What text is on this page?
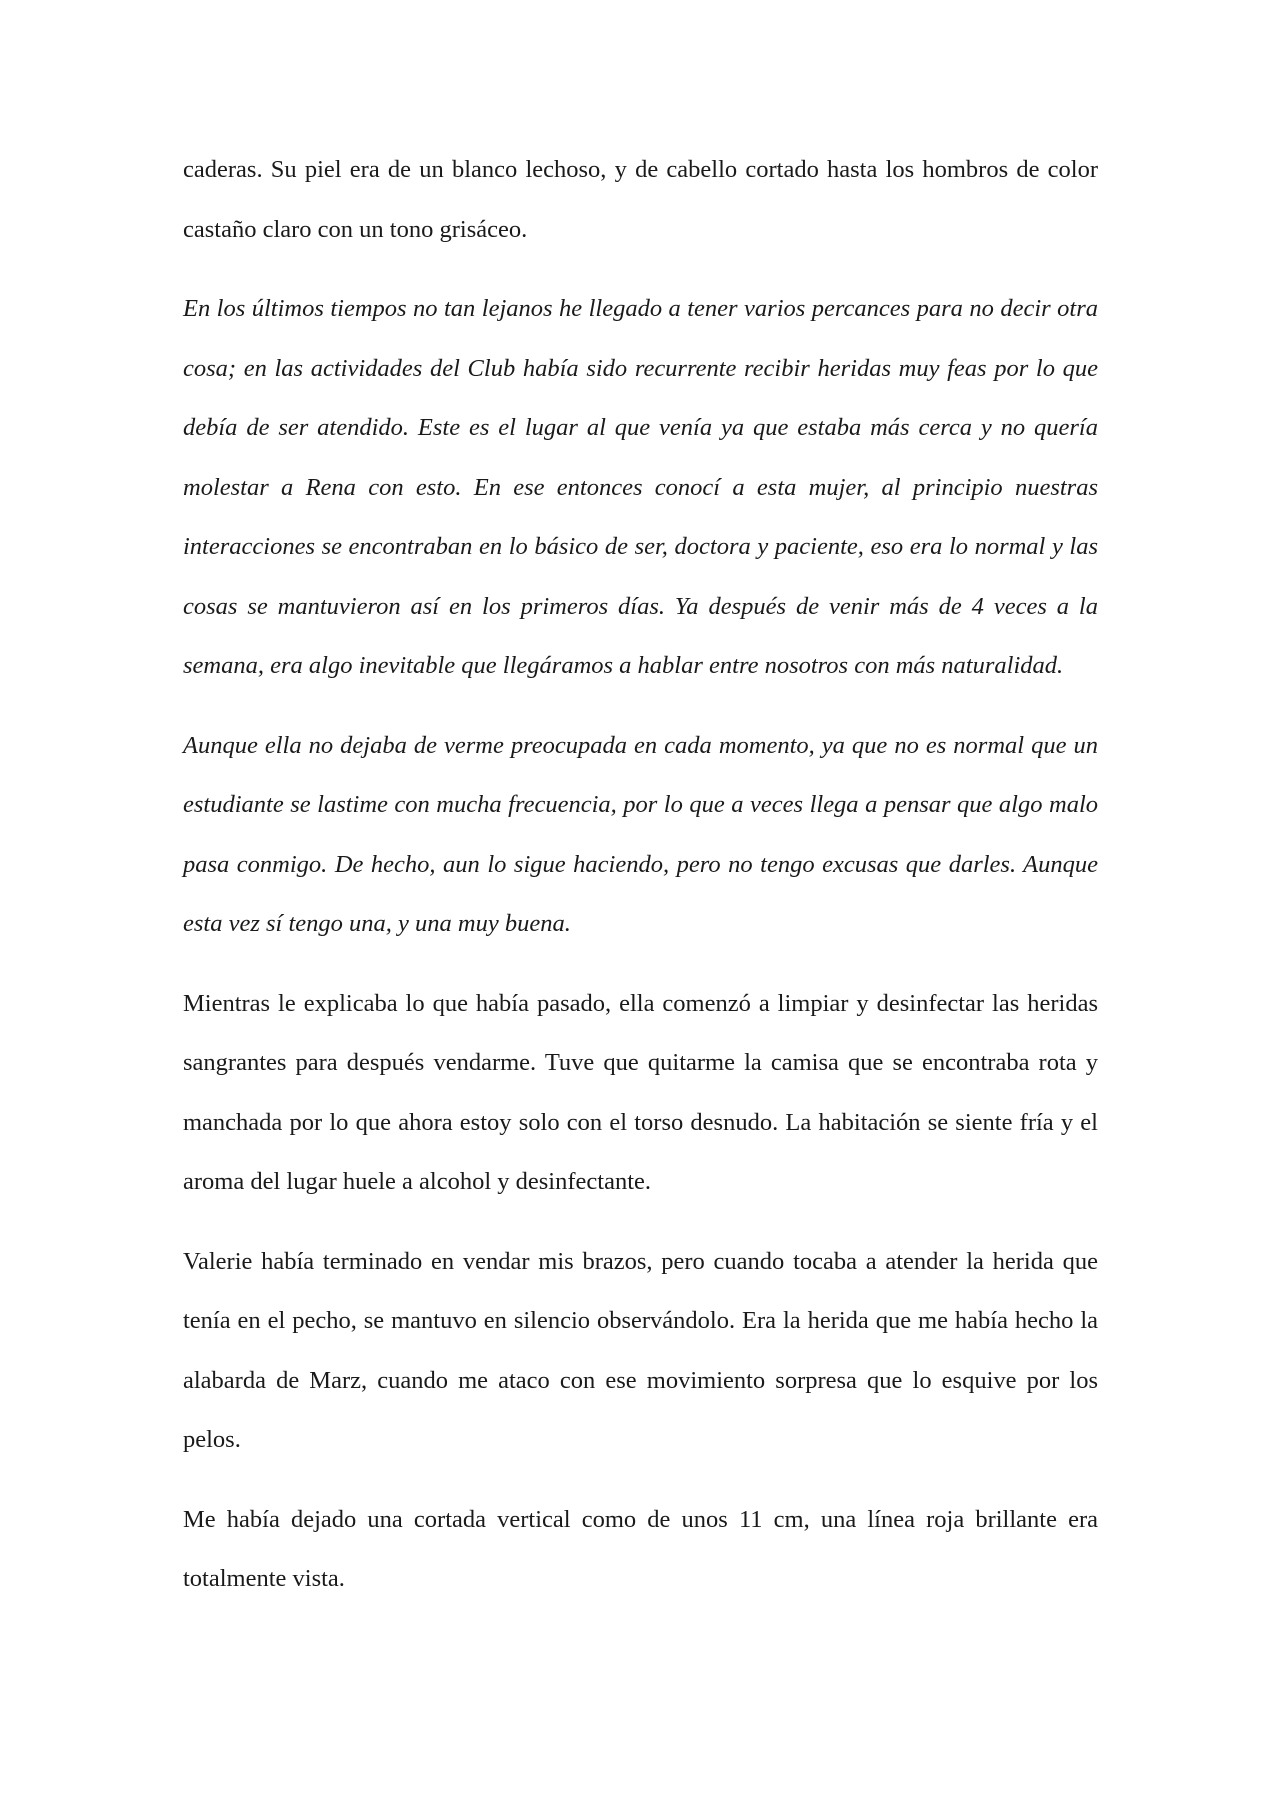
caderas. Su piel era de un blanco lechoso, y de cabello cortado hasta los hombros de color castaño claro con un tono grisáceo.

En los últimos tiempos no tan lejanos he llegado a tener varios percances para no decir otra cosa; en las actividades del Club había sido recurrente recibir heridas muy feas por lo que debía de ser atendido. Este es el lugar al que venía ya que estaba más cerca y no quería molestar a Rena con esto. En ese entonces conocí a esta mujer, al principio nuestras interacciones se encontraban en lo básico de ser, doctora y paciente, eso era lo normal y las cosas se mantuvieron así en los primeros días. Ya después de venir más de 4 veces a la semana, era algo inevitable que llegáramos a hablar entre nosotros con más naturalidad.

Aunque ella no dejaba de verme preocupada en cada momento, ya que no es normal que un estudiante se lastime con mucha frecuencia, por lo que a veces llega a pensar que algo malo pasa conmigo. De hecho, aun lo sigue haciendo, pero no tengo excusas que darles. Aunque esta vez sí tengo una, y una muy buena.

Mientras le explicaba lo que había pasado, ella comenzó a limpiar y desinfectar las heridas sangrantes para después vendarme. Tuve que quitarme la camisa que se encontraba rota y manchada por lo que ahora estoy solo con el torso desnudo. La habitación se siente fría y el aroma del lugar huele a alcohol y desinfectante.

Valerie había terminado en vendar mis brazos, pero cuando tocaba a atender la herida que tenía en el pecho, se mantuvo en silencio observándolo. Era la herida que me había hecho la alabarda de Marz, cuando me ataco con ese movimiento sorpresa que lo esquive por los pelos.

Me había dejado una cortada vertical como de unos 11 cm, una línea roja brillante era totalmente vista.
